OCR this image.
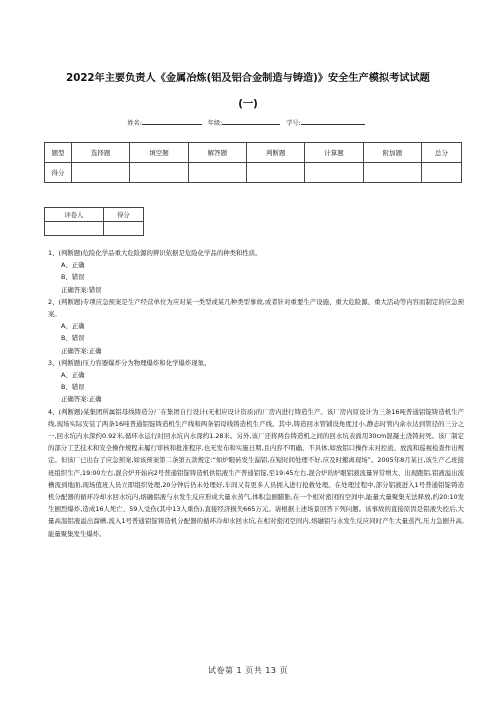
2022年主要负责人《金属冶炼(铝及铝合金制造与铸造)》安全生产模拟考试试题
(一)
姓名:	年级:	学号:
题型	选择题	填空题	解答题	判断题	计算题	附加题	总分
得分							
评卷人	得分

1、(判断题)危险化学品重大危险源的辨识依据是危险化学品的种类和性质。

A、正确

B、错误

正确答案:错误

2、(判断题)专项应急预案是生产经营单位为应对某一类型或某几种类型事故,或者针对重要生产设施、重大危险源、重大活动等内容而制定的应急预案。

A、正确

B、错误

正确答案:正确

3、(判断题)压力容器爆炸分为物理爆炸和化学爆炸现象。

A、正确

B、错误

正确答案:正确

4、(判断题)某集团所属铝母线铸造分厂在集团自行设计(无相应设计资质)的厂房内进行铸造生产。该厂房内原设计为三条16吨普通铝锭铸造机生产线,现场实际安装了两条16吨普通铝锭铸造机生产线和两条铝母线铸造机生产线。其中,铸造回水管铺设角度过小,静态时管内余水达到管径的三分之一,回水坑内水深约0.92米,循环水运行时回水坑内水深约1.28米。另外,该厂还将两台铸造机之间的回水坑表面用30cm混凝土浇铸封死。该厂制定的部分工艺技术和安全操作规程未履行审核和批准程序,也无发布和实施日期,且内容不明确、不具体,如放铝口操作未对控流、放流和巡视检查作出规定。但该厂已出台了应急预案,如该预案第二条第五款规定:“如炉眼砖发生漏铝,在短时间处理不好,应及时搬离现场”。2005年8月某日,该生产乙班接班组织生产,19:00左右,混合炉开始向2号普通铝锭铸造机供铝液生产普通铝锭,至19:45左右,混合炉的炉眼铝液流量异常增大、出现跑铝,铝液溢出流槽流到地面,现场值班人员立即组织处理,20分钟后仍未处理好,车间又有更多人员拥入进行抢救处理。在处理过程中,部分铝液进入1号普通铝锭铸造机分配器的循环冷却水回水坑内,熔融铝液与水发生反应形成大量水蒸气,体积急剧膨胀,在一个相对密闭的空间中,能量大量聚集无法释放,约20:10发生剧烈爆炸,造成16人死亡、59人受伤(其中13人重伤),直接经济损失665万元。请根据上述场景回答下列问题。该事故的直接原因是铝液失控后,大量高温铝液溢出溜槽,流入1号普通铝锭铸造机分配器的循环冷却水回水坑,在相对密闭空间内,熔融铝与水发生反应同时产生大量蒸汽,压力急剧升高,能量聚集发生爆炸。

试卷第 1 页共 13 页
